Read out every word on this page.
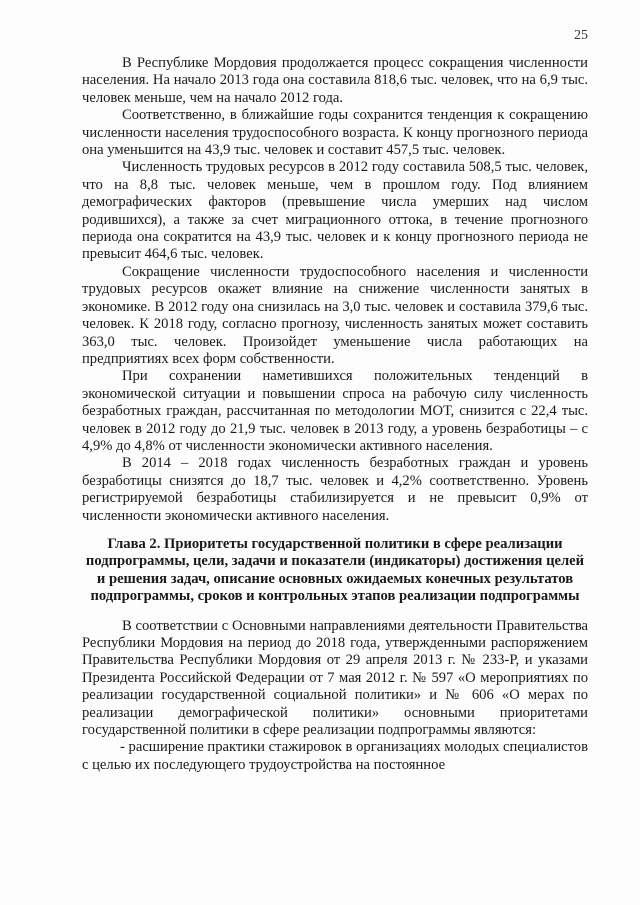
25

В Республике Мордовия продолжается процесс сокращения численности населения. На начало 2013 года она составила 818,6 тыс. человек, что на 6,9 тыс. человек меньше, чем на начало 2012 года.

Соответственно, в ближайшие годы сохранится тенденция к сокращению численности населения трудоспособного возраста. К концу прогнозного периода она уменьшится на 43,9 тыс. человек и составит 457,5 тыс. человек.

Численность трудовых ресурсов в 2012 году составила 508,5 тыс. человек, что на 8,8 тыс. человек меньше, чем в прошлом году. Под влиянием демографических факторов (превышение числа умерших над числом родившихся), а также за счет миграционного оттока, в течение прогнозного периода она сократится на 43,9 тыс. человек и к концу прогнозного периода не превысит 464,6 тыс. человек.

Сокращение численности трудоспособного населения и численности трудовых ресурсов окажет влияние на снижение численности занятых в экономике. В 2012 году она снизилась на 3,0 тыс. человек и составила 379,6 тыс. человек. К 2018 году, согласно прогнозу, численность занятых может составить 363,0 тыс. человек. Произойдет уменьшение числа работающих на предприятиях всех форм собственности.

При сохранении наметившихся положительных тенденций в экономической ситуации и повышении спроса на рабочую силу численность безработных граждан, рассчитанная по методологии МОТ, снизится с 22,4 тыс. человек в 2012 году до 21,9 тыс. человек в 2013 году, а уровень безработицы – с 4,9% до 4,8% от численности экономически активного населения.

В 2014 – 2018 годах численность безработных граждан и уровень безработицы снизятся до 18,7 тыс. человек и 4,2% соответственно. Уровень регистрируемой безработицы стабилизируется и не превысит 0,9% от численности экономически активного населения.

Глава 2. Приоритеты государственной политики в сфере реализации подпрограммы, цели, задачи и показатели (индикаторы) достижения целей и решения задач, описание основных ожидаемых конечных результатов подпрограммы, сроков и контрольных этапов реализации подпрограммы

В соответствии с Основными направлениями деятельности Правительства Республики Мордовия на период до 2018 года, утвержденными распоряжением Правительства Республики Мордовия от 29 апреля 2013 г. № 233-Р, и указами Президента Российской Федерации от 7 мая 2012 г. № 597 «О мероприятиях по реализации государственной социальной политики» и № 606 «О мерах по реализации демографической политики» основными приоритетами государственной политики в сфере реализации подпрограммы являются:

- расширение практики стажировок в организациях молодых специалистов с целью их последующего трудоустройства на постоянное
